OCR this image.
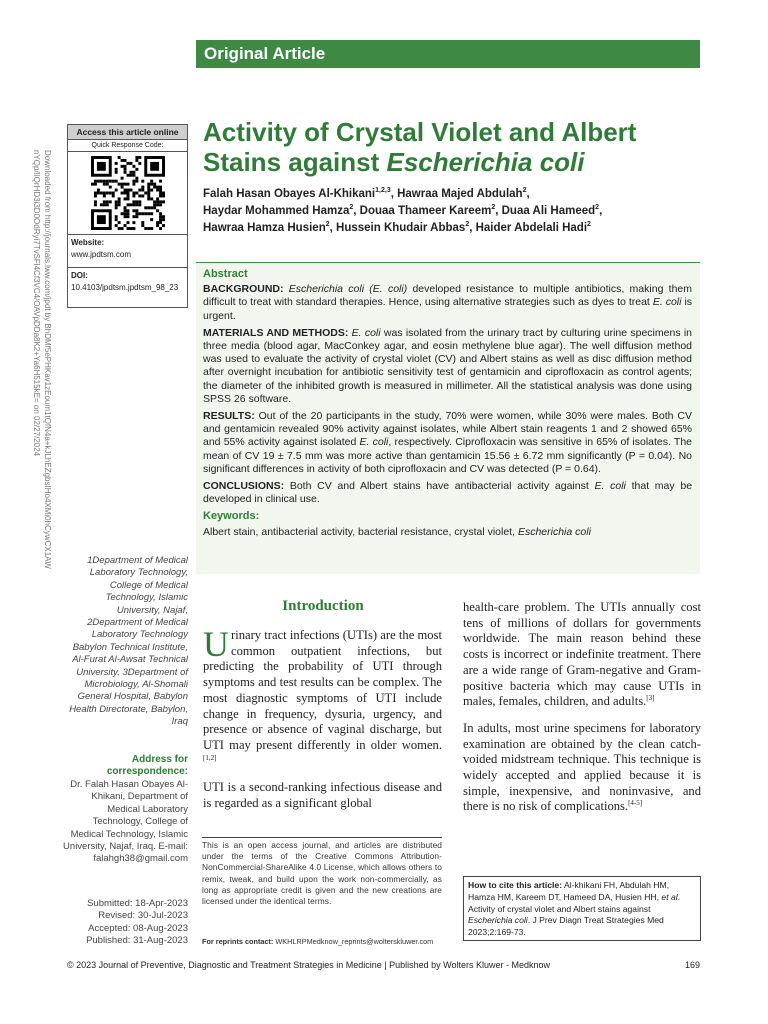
Original Article
Downloaded from http://journals.lww.com/jpdt by BhDMf5ePHKav1zEoum1tQfN4a+kJLhEZgbsIHo4XMi0hCywCX1AW nYQp/IlQrHD3i3D0OdRyi7TvSFl4Cf3VC4/OAVpDDa8K2+Ya6H515kE= on 02/27/2024
Access this article online
Quick Response Code:
Website:
www.jpdtsm.com
DOI:
10.4103/jpdtsm.jpdtsm_98_23
Activity of Crystal Violet and Albert
Stains against Escherichia coli
Falah Hasan Obayes Al-Khikani$^{1,2,3}$, Hawraa Majed Abdulah$^2$,
Haydar Mohammed Hamza$^2$, Douaa Thameer Kareem$^2$, Duaa Ali Hameed$^2$,
Hawraa Hamza Husien$^2$, Hussein Khudair Abbas$^2$, Haider Abdelali Hadi$^2$
Abstract

BACKGROUND: Escherichia coli (E. coli) developed resistance to multiple antibiotics, making them difficult to treat with standard therapies. Hence, using alternative strategies such as dyes to treat E. coli is urgent.

MATERIALS AND METHODS: E. coli was isolated from the urinary tract by culturing urine specimens in three media (blood agar, MacConkey agar, and eosin methylene blue agar). The well diffusion method was used to evaluate the activity of crystal violet (CV) and Albert stains as well as disc diffusion method after overnight incubation for antibiotic sensitivity test of gentamicin and ciprofloxacin as control agents; the diameter of the inhibited growth is measured in millimeter. All the statistical analysis was done using SPSS 26 software.

RESULTS: Out of the 20 participants in the study, 70% were women, while 30% were males. Both CV and gentamicin revealed 90% activity against isolates, while Albert stain reagents 1 and 2 showed 65% and 55% activity against isolated E. coli, respectively. Ciprofloxacin was sensitive in 65% of isolates. The mean of CV 19 ± 7.5 mm was more active than gentamicin 15.56 ± 6.72 mm significantly (P = 0.04). No significant differences in activity of both ciprofloxacin and CV was detected (P = 0.64).

CONCLUSIONS: Both CV and Albert stains have antibacterial activity against E. coli that may be developed in clinical use.

Keywords:

Albert stain, antibacterial activity, bacterial resistance, crystal violet, Escherichia coli

1Department of Medical Laboratory Technology, College of Medical Technology, Islamic University, Najaf, 2Department of Medical Laboratory Technology Babylon Technical Institute, Al-Furat Al-Awsat Technical University, 3Department of Microbiology, Al-Shomali General Hospital, Babylon Health Directorate, Babylon, Iraq
Address for correspondence:
Dr. Falah Hasan Obayes Al-Khikani, Department of Medical Laboratory Technology, College of Medical Technology, Islamic University, Najaf, Iraq. E-mail: falahgh38@gmail.com
Submitted: 18-Apr-2023
Revised: 30-Jul-2023
Accepted: 08-Aug-2023
Published: 31-Aug-2023
Introduction

Urinary tract infections (UTIs) are the most common outpatient infections, but predicting the probability of UTI through symptoms and test results can be complex. The most diagnostic symptoms of UTI include change in frequency, dysuria, urgency, and presence or absence of vaginal discharge, but UTI may present differently in older women.[1,2]

UTI is a second-ranking infectious disease and is regarded as a significant global

health-care problem. The UTIs annually cost tens of millions of dollars for governments worldwide. The main reason behind these costs is incorrect or indefinite treatment. There are a wide range of Gram-negative and Gram-positive bacteria which may cause UTIs in males, females, children, and adults.[3]

In adults, most urine specimens for laboratory examination are obtained by the clean catch-voided midstream technique. This technique is widely accepted and applied because it is simple, inexpensive, and noninvasive, and there is no risk of complications.[4-5]

This is an open access journal, and articles are distributed under the terms of the Creative Commons Attribution-NonCommercial-ShareAlike 4.0 License, which allows others to remix, tweak, and build upon the work non-commercially, as long as appropriate credit is given and the new creations are licensed under the identical terms.
For reprints contact: WKHLRPMedknow_reprints@wolterskluwer.com
How to cite this article: Al-khikani FH, Abdulah HM, Hamza HM, Kareem DT, Hameed DA, Husien HH, et al. Activity of crystal violet and Albert stains against Escherichia coli. J Prev Diagn Treat Strategies Med 2023;2:169-73.
© 2023 Journal of Preventive, Diagnostic and Treatment Strategies in Medicine | Published by Wolters Kluwer - Medknow	169
